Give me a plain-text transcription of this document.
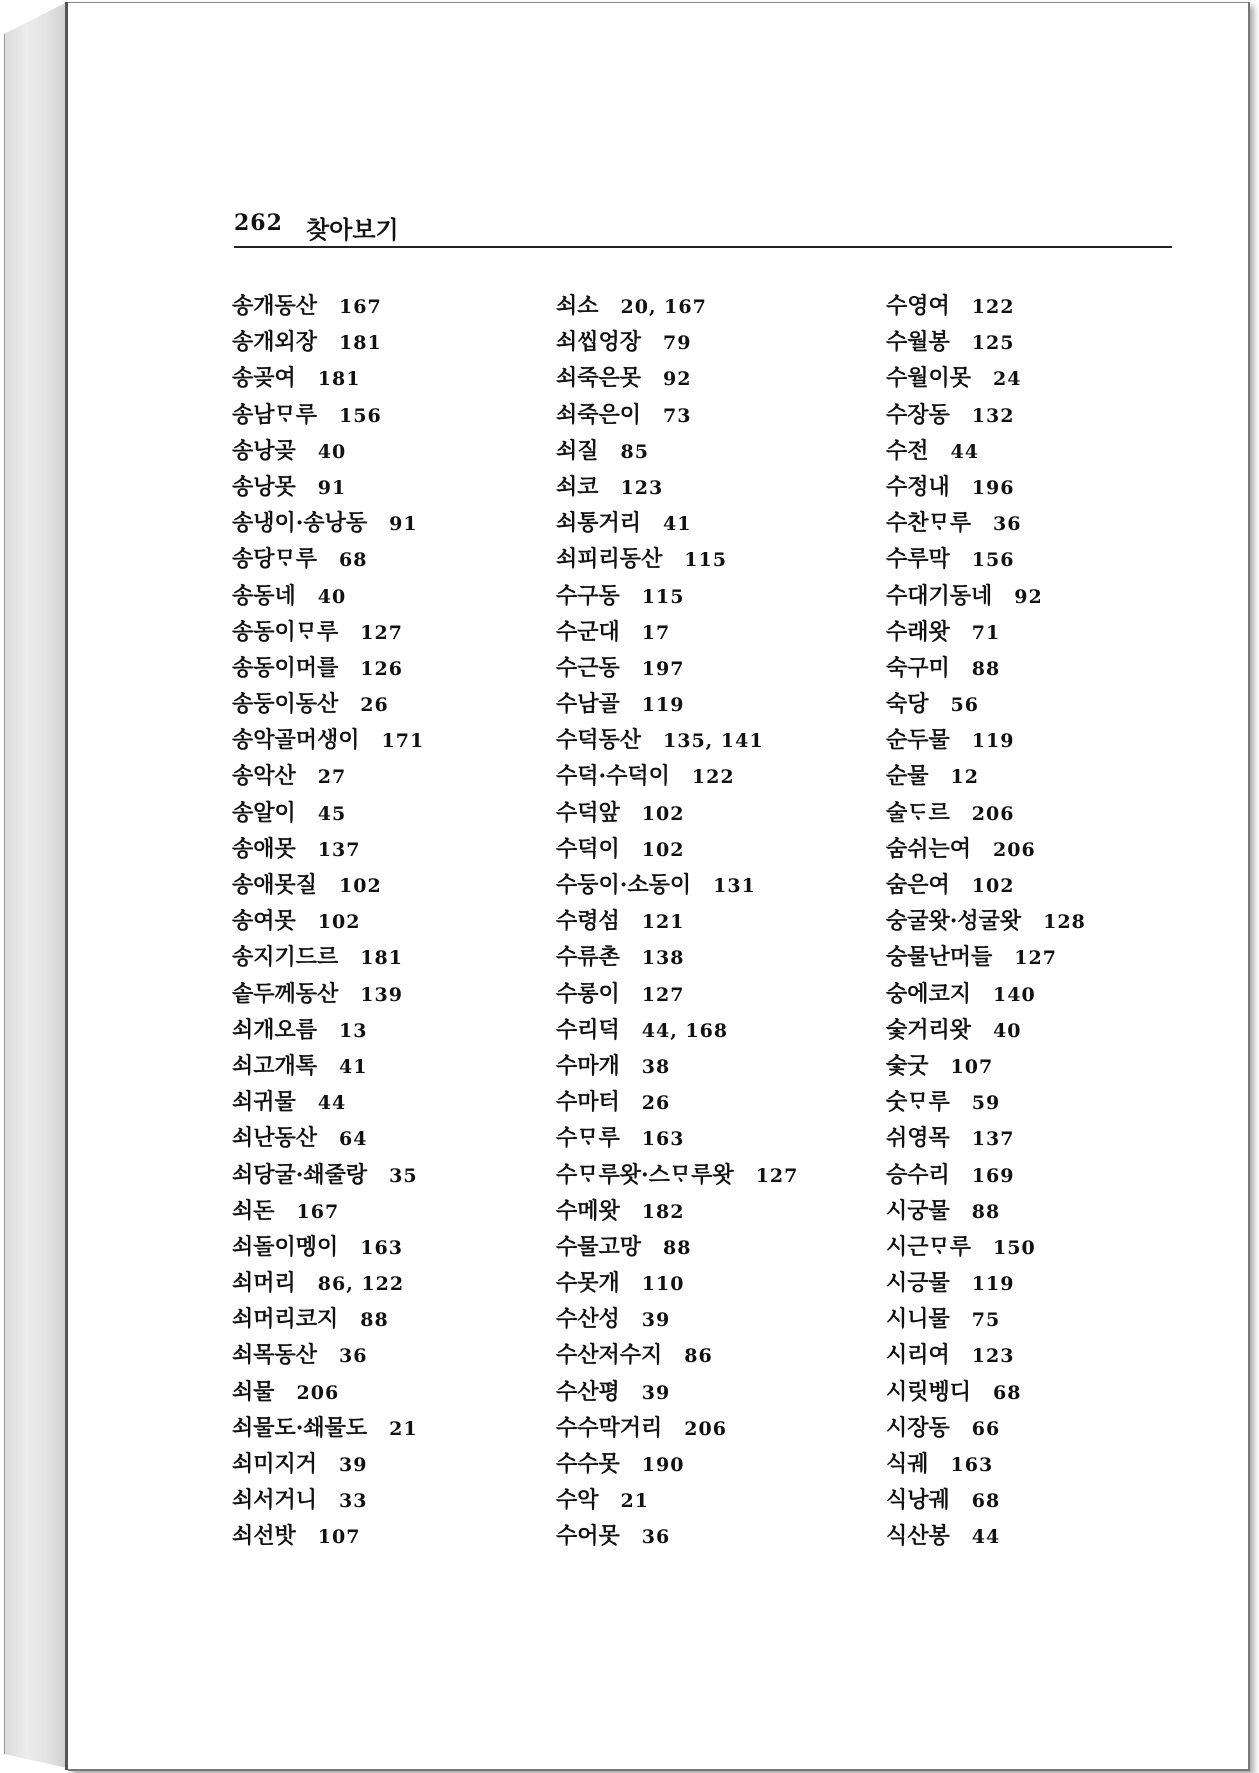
262 찾아보기
송개동산 167
송개외장 181
송곶여 181
송남ᄆᆞ루 156
송낭곶 40
송낭못 91
송냉이·송낭동 91
송당ᄆᆞ루 68
송동네 40
송동이ᄆᆞ루 127
송동이머를 126
송둥이동산 26
송악골머생이 171
송악산 27
송알이 45
송애못 137
송애못질 102
송여못 102
송지기드르 181
솥두께동산 139
쇠개오름 13
쇠고개톡 41
쇠귀물 44
쇠난동산 64
쇠당굴·쇄줄랑 35
쇠돈 167
쇠돌이멩이 163
쇠머리 86, 122
쇠머리코지 88
쇠목동산 36
쇠물 206
쇠물도·쇄물도 21
쇠미지거 39
쇠서거니 33
쇠선밧 107
쇠소 20, 167
쇠씹엉장 79
쇠죽은못 92
쇠죽은이 73
쇠질 85
쇠코 123
쇠통거리 41
쇠피리동산 115
수구동 115
수군대 17
수근동 197
수남골 119
수덕동산 135, 141
수덕·수덕이 122
수덕앞 102
수덕이 102
수둥이·소동이 131
수령섬 121
수류촌 138
수롱이 127
수리덕 44, 168
수마개 38
수마터 26
수ᄆᆞ루 163
수ᄆᆞ루왓·스ᄆᆞ루왓 127
수메왓 182
수물고망 88
수못개 110
수산성 39
수산저수지 86
수산평 39
수수막거리 206
수수못 190
수악 21
수어못 36
수영여 122
수월봉 125
수월이못 24
수장동 132
수전 44
수정내 196
수찬ᄆᆞ루 36
수루막 156
수대기동네 92
수래왓 71
숙구미 88
숙당 56
순두물 119
순물 12
술ᄃᆞ르 206
숨쉬는여 206
숨은여 102
숭굴왓·성굴왓 128
숭물난머들 127
숭에코지 140
숯거리왓 40
숯굿 107
숫ᄆᆞ루 59
쉬영목 137
승수리 169
시궁물 88
시근ᄆᆞ루 150
시긍물 119
시니물 75
시리여 123
시릿벵디 68
시장동 66
식궤 163
식낭궤 68
식산봉 44
